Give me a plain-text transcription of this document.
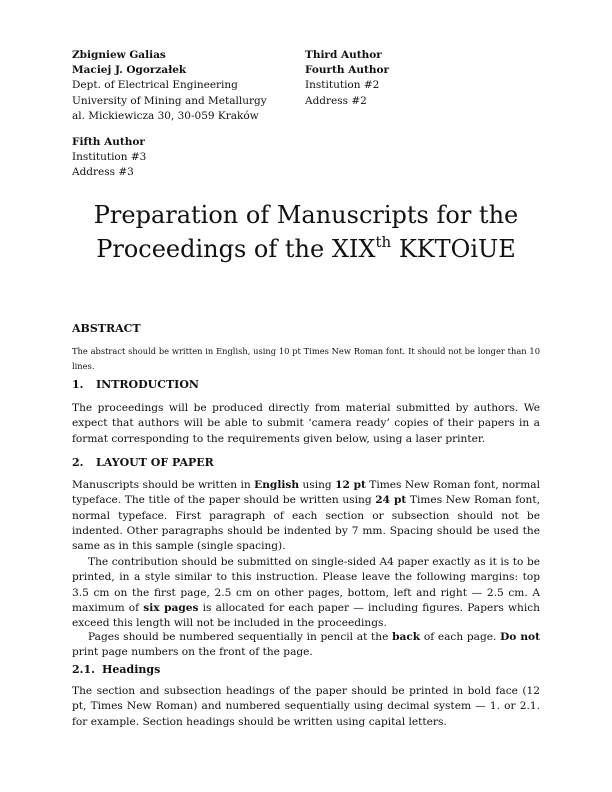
Zbigniew Galias
Maciej J. Ogorzałek
Dept. of Electrical Engineering
University of Mining and Metallurgy
al. Mickiewicza 30, 30-059 Kraków
Third Author
Fourth Author
Institution #2
Address #2
Fifth Author
Institution #3
Address #3
Preparation of Manuscripts for the
Proceedings of the XIXth KKTOiUE
ABSTRACT
The abstract should be written in English, using 10 pt Times New Roman font. It should not be longer than 10 lines.
1. INTRODUCTION

The proceedings will be produced directly from material submitted by authors. We expect that authors will be able to submit ‘camera ready’ copies of their papers in a format corresponding to the requirements given below, using a laser printer.

2. LAYOUT OF PAPER

Manuscripts should be written in English using 12 pt Times New Roman font, normal typeface. The title of the paper should be written using 24 pt Times New Roman font, normal typeface. First paragraph of each section or subsection should not be indented. Other paragraphs should be indented by 7 mm. Spacing should be used the same as in this sample (single spacing).

The contribution should be submitted on single-sided A4 paper exactly as it is to be printed, in a style similar to this instruction. Please leave the following margins: top 3.5 cm on the first page, 2.5 cm on other pages, bottom, left and right — 2.5 cm. A maximum of six pages is allocated for each paper — including figures. Papers which exceed this length will not be included in the proceedings.

Pages should be numbered sequentially in pencil at the back of each page. Do not print page numbers on the front of the page.

2.1. Headings

The section and subsection headings of the paper should be printed in bold face (12 pt, Times New Roman) and numbered sequentially using decimal system — 1. or 2.1. for example. Section headings should be written using capital letters.
